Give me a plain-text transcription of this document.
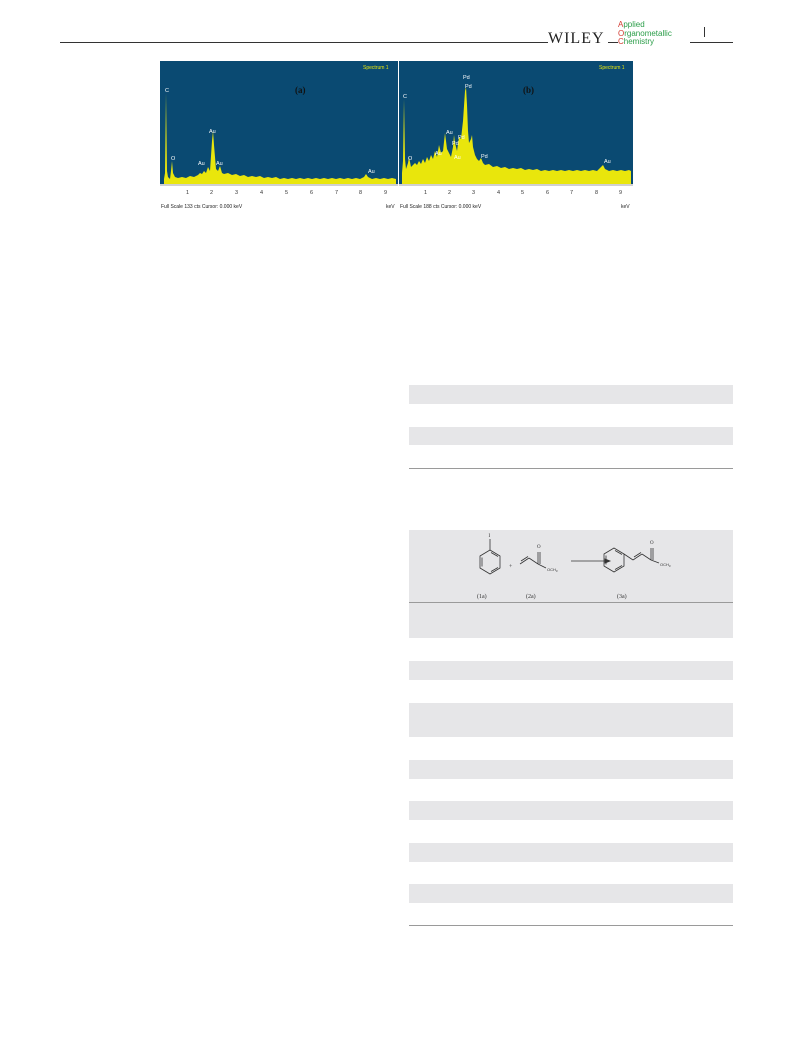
WILEY
Applied
Organometallic
Chemistry
Spectrum 1
(a)
C
O
Au
Au Au
Au
1	2	3	4	5	6	7	8	9
Full Scale 133 cts Cursor: 0.000 keV	keV
Spectrum 1
(b)
C
O
Au
Au
Au
Pd
Pd
Pd
Pd
Pd
Au
1	2	3	4	5	6	7	8	9
Full Scale 188 cts Cursor: 0.000 keV	keV
I
+
O
$OCH_3$
O
$OCH_3$
(1a)	(2a)	(3a)
